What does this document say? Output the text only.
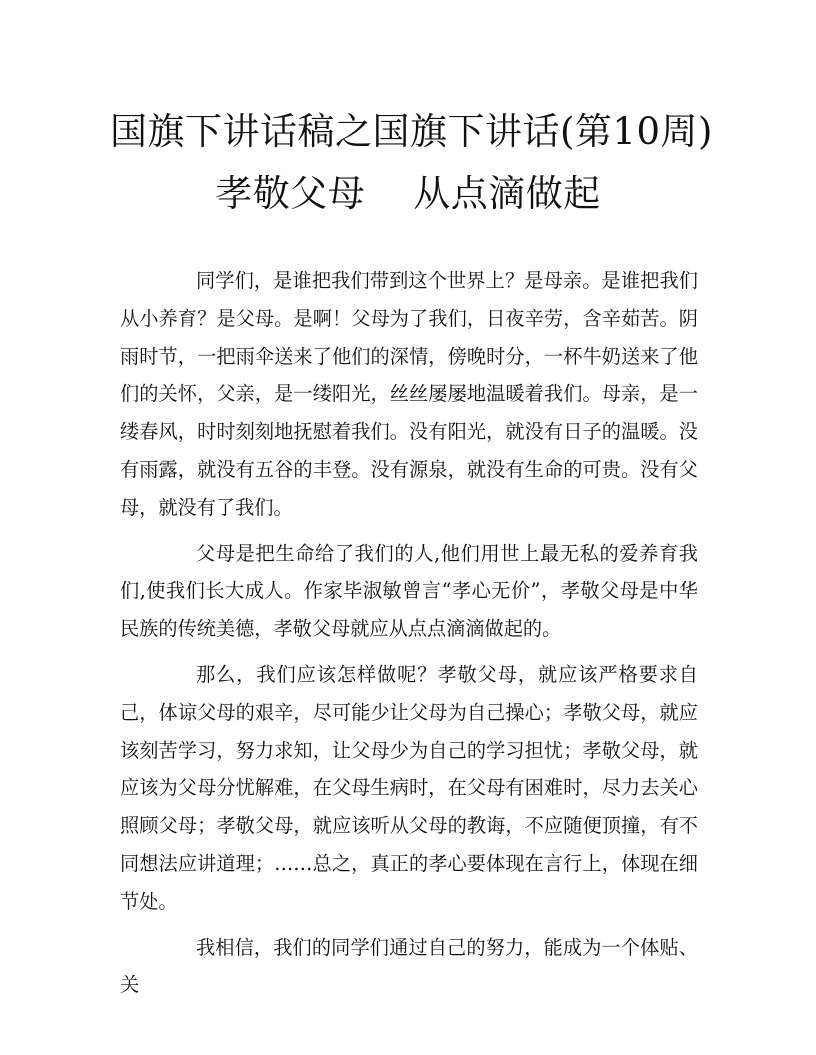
国旗下讲话稿之国旗下讲话(第10周)
孝敬父母 从点滴做起

同学们，是谁把我们带到这个世界上？是母亲。是谁把我们从小养育？是父母。是啊！父母为了我们，日夜辛劳，含辛茹苦。阴雨时节，一把雨伞送来了他们的深情，傍晚时分，一杯牛奶送来了他们的关怀，父亲，是一缕阳光，丝丝屡屡地温暖着我们。母亲，是一缕春风，时时刻刻地抚慰着我们。没有阳光，就没有日子的温暖。没有雨露，就没有五谷的丰登。没有源泉，就没有生命的可贵。没有父母，就没有了我们。

父母是把生命给了我们的人,他们用世上最无私的爱养育我们,使我们长大成人。作家毕淑敏曾言“孝心无价”，孝敬父母是中华民族的传统美德，孝敬父母就应从点点滴滴做起的。

那么，我们应该怎样做呢？孝敬父母，就应该严格要求自己，体谅父母的艰辛，尽可能少让父母为自己操心；孝敬父母，就应该刻苦学习，努力求知，让父母少为自己的学习担忧；孝敬父母，就应该为父母分忧解难，在父母生病时，在父母有困难时，尽力去关心照顾父母；孝敬父母，就应该听从父母的教诲，不应随便顶撞，有不同想法应讲道理；……总之，真正的孝心要体现在言行上，体现在细节处。

我相信，我们的同学们通过自己的努力，能成为一个体贴、关
